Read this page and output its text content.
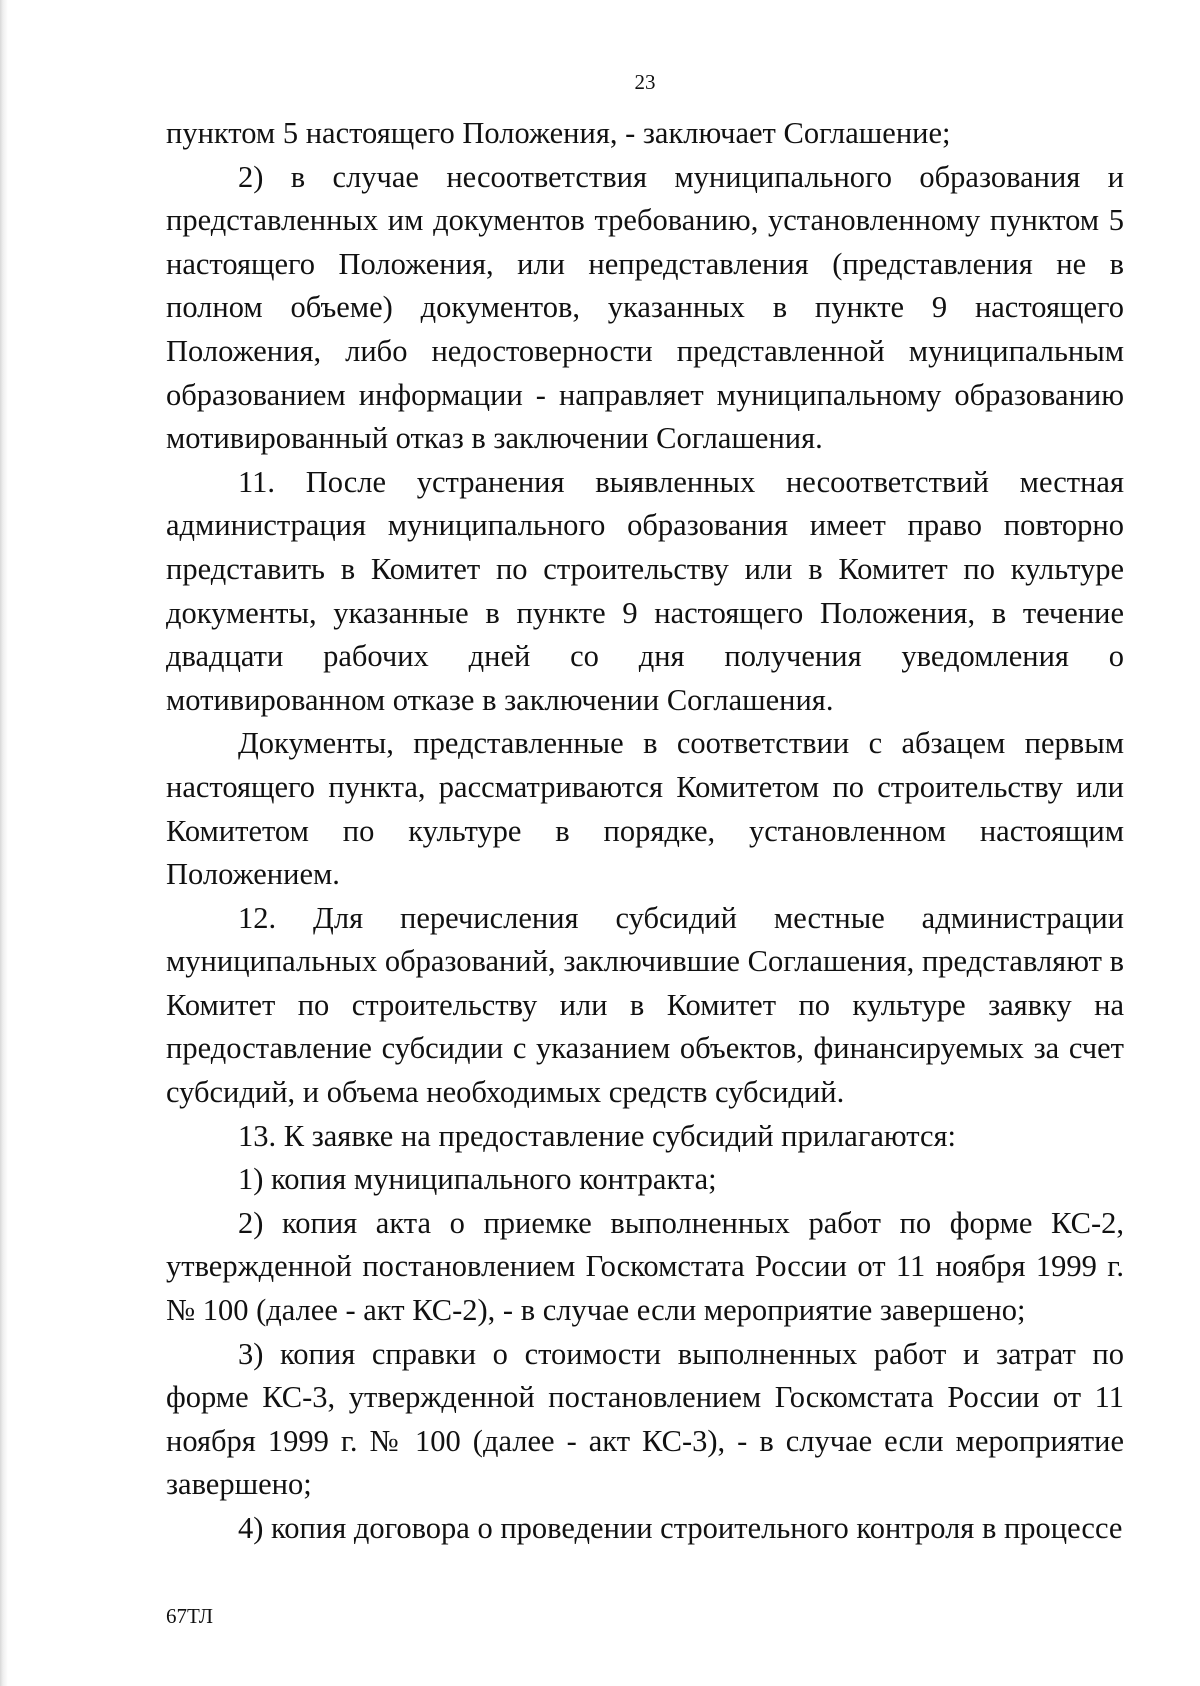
23

пунктом 5 настоящего Положения, - заключает Соглашение;

2) в случае несоответствия муниципального образования и представленных им документов требованию, установленному пунктом 5 настоящего Положения, или непредставления (представления не в полном объеме) документов, указанных в пункте 9 настоящего Положения, либо недостоверности представленной муниципальным образованием информации - направляет муниципальному образованию мотивированный отказ в заключении Соглашения.

11. После устранения выявленных несоответствий местная администрация муниципального образования имеет право повторно представить в Комитет по строительству или в Комитет по культуре документы, указанные в пункте 9 настоящего Положения, в течение двадцати рабочих дней со дня получения уведомления о мотивированном отказе в заключении Соглашения.

Документы, представленные в соответствии с абзацем первым настоящего пункта, рассматриваются Комитетом по строительству или Комитетом по культуре в порядке, установленном настоящим Положением.

12. Для перечисления субсидий местные администрации муниципальных образований, заключившие Соглашения, представляют в Комитет по строительству или в Комитет по культуре заявку на предоставление субсидии с указанием объектов, финансируемых за счет субсидий, и объема необходимых средств субсидий.

13. К заявке на предоставление субсидий прилагаются:

1) копия муниципального контракта;

2) копия акта о приемке выполненных работ по форме КС-2, утвержденной постановлением Госкомстата России от 11 ноября 1999 г. № 100 (далее - акт КС-2), - в случае если мероприятие завершено;

3) копия справки о стоимости выполненных работ и затрат по форме КС-3, утвержденной постановлением Госкомстата России от 11 ноября 1999 г. № 100 (далее - акт КС-3), - в случае если мероприятие завершено;

4) копия договора о проведении строительного контроля в процессе

67ТЛ
